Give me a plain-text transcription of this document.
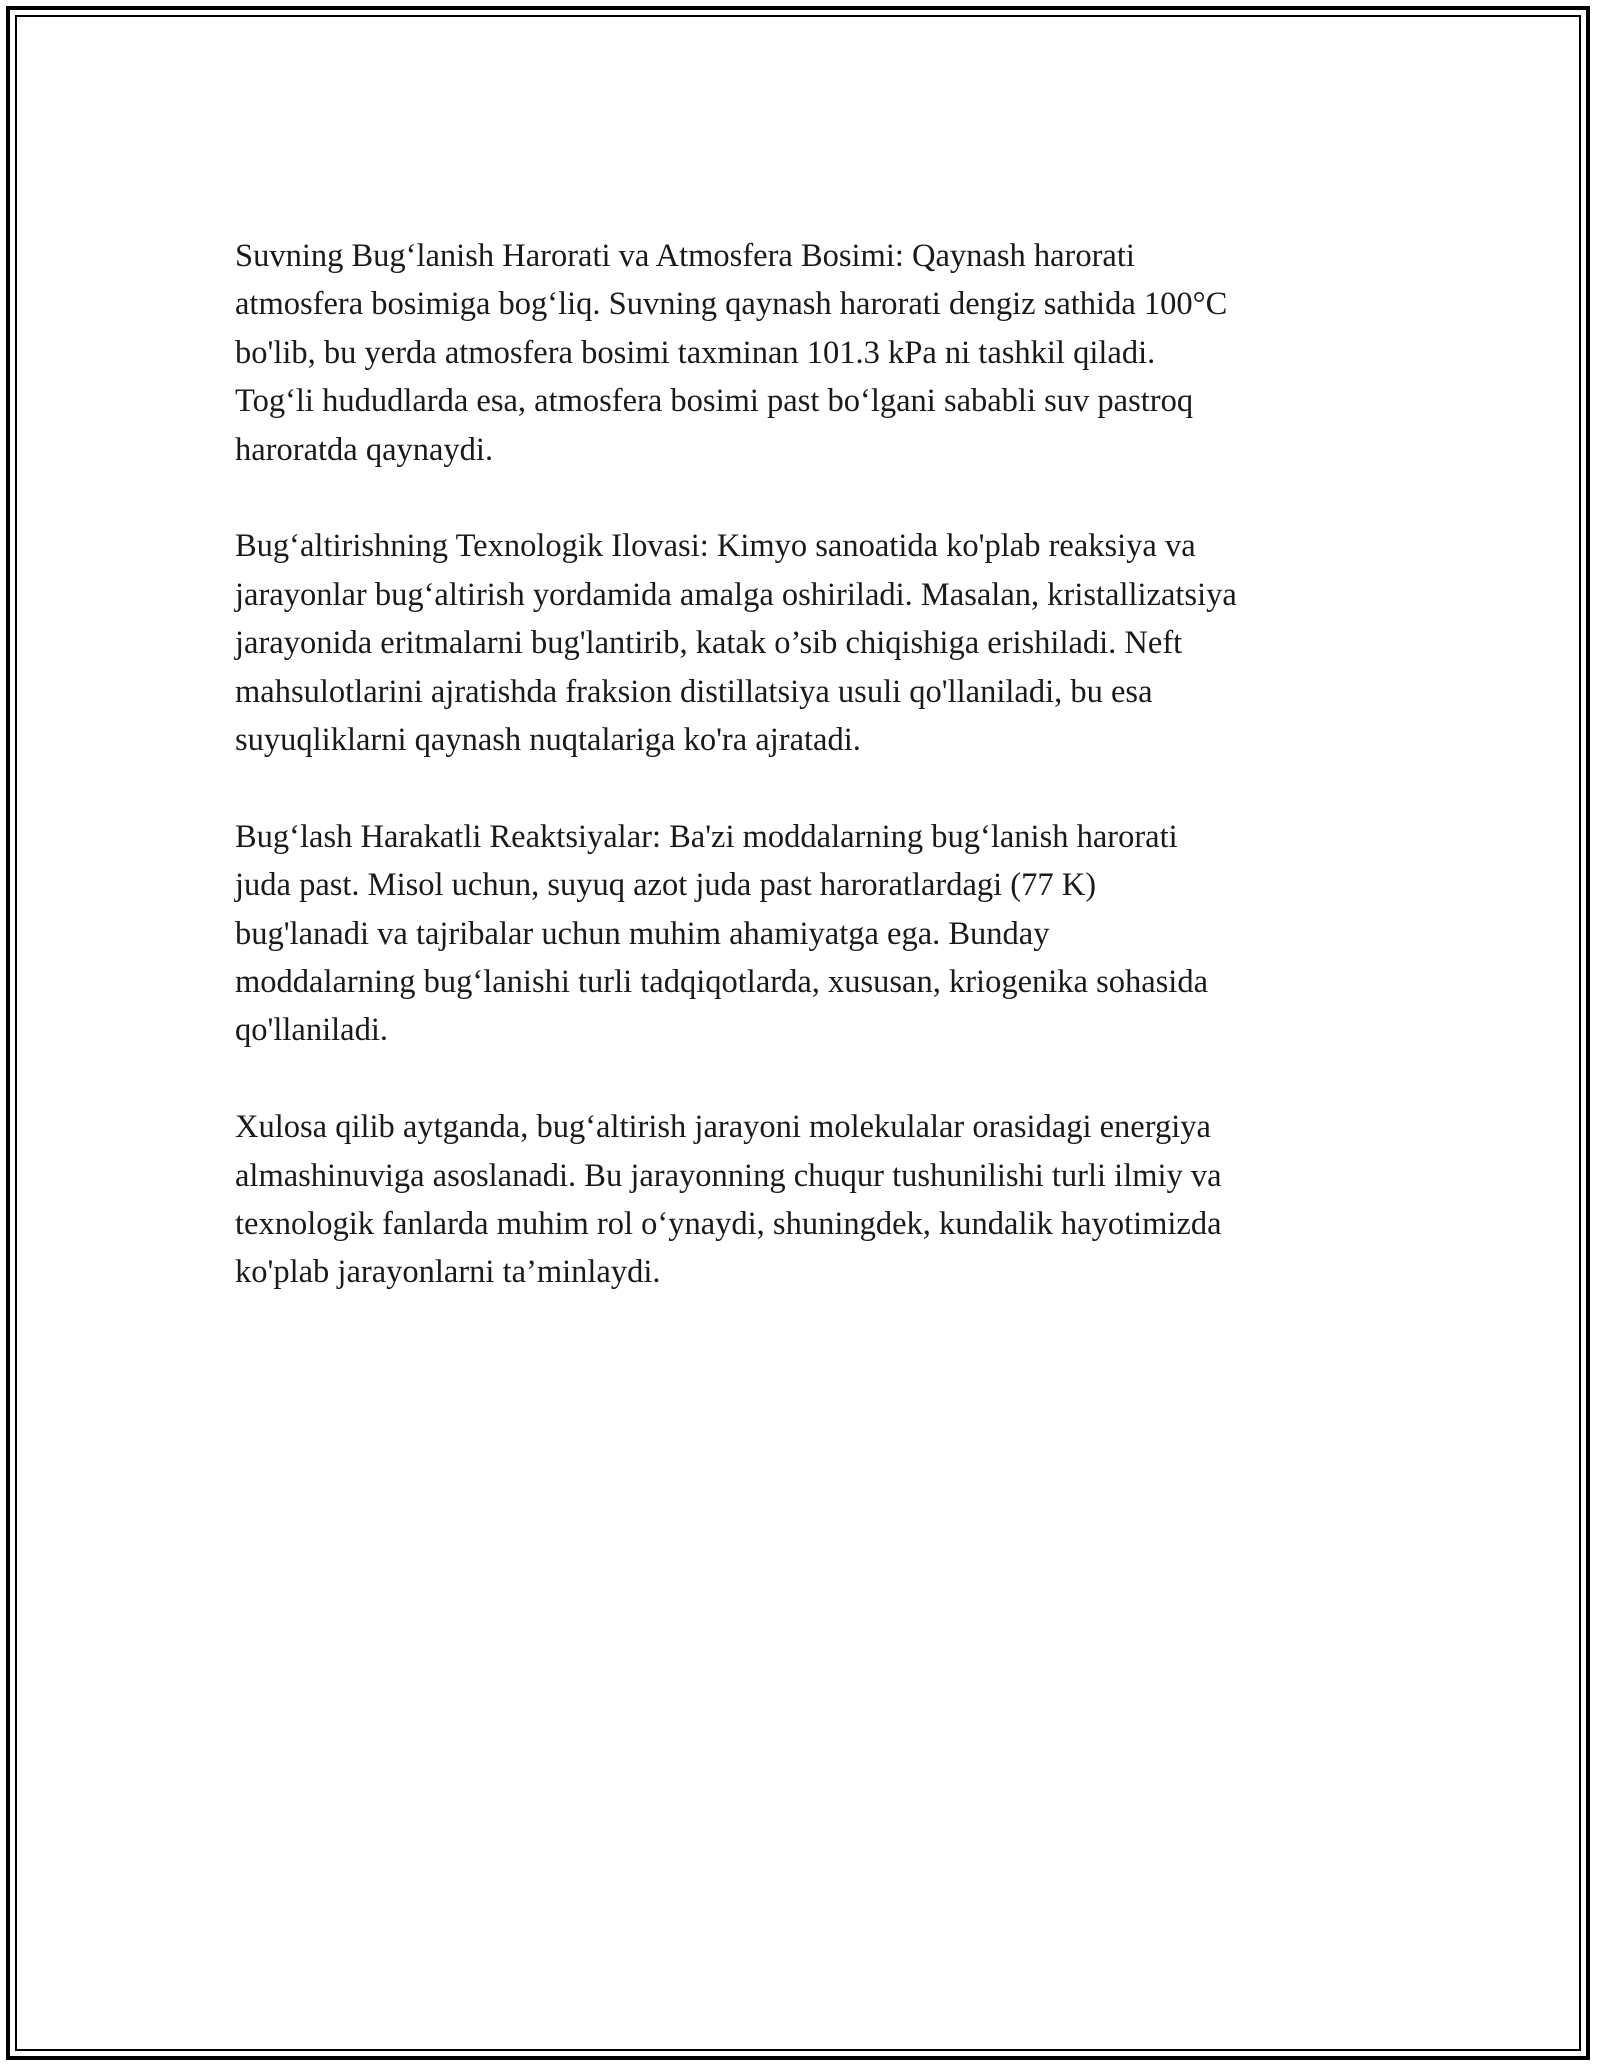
Suvning Bug‘lanish Harorati va Atmosfera Bosimi: Qaynash harorati
atmosfera bosimiga bog‘liq. Suvning qaynash harorati dengiz sathida 100°C
bo'lib, bu yerda atmosfera bosimi taxminan 101.3 kPa ni tashkil qiladi.
Tog‘li hududlarda esa, atmosfera bosimi past bo‘lgani sababli suv pastroq
haroratda qaynaydi.

Bug‘altirishning Texnologik Ilovasi: Kimyo sanoatida ko'plab reaksiya va
jarayonlar bug‘altirish yordamida amalga oshiriladi. Masalan, kristallizatsiya
jarayonida eritmalarni bug'lantirib, katak o’sib chiqishiga erishiladi. Neft
mahsulotlarini ajratishda fraksion distillatsiya usuli qo'llaniladi, bu esa
suyuqliklarni qaynash nuqtalariga ko'ra ajratadi.

Bug‘lash Harakatli Reaktsiyalar: Ba'zi moddalarning bug‘lanish harorati
juda past. Misol uchun, suyuq azot juda past haroratlardagi (77 K)
bug'lanadi va tajribalar uchun muhim ahamiyatga ega. Bunday
moddalarning bug‘lanishi turli tadqiqotlarda, xususan, kriogenika sohasida
qo'llaniladi.

Xulosa qilib aytganda, bug‘altirish jarayoni molekulalar orasidagi energiya
almashinuviga asoslanadi. Bu jarayonning chuqur tushunilishi turli ilmiy va
texnologik fanlarda muhim rol o‘ynaydi, shuningdek, kundalik hayotimizda
ko'plab jarayonlarni ta’minlaydi.
